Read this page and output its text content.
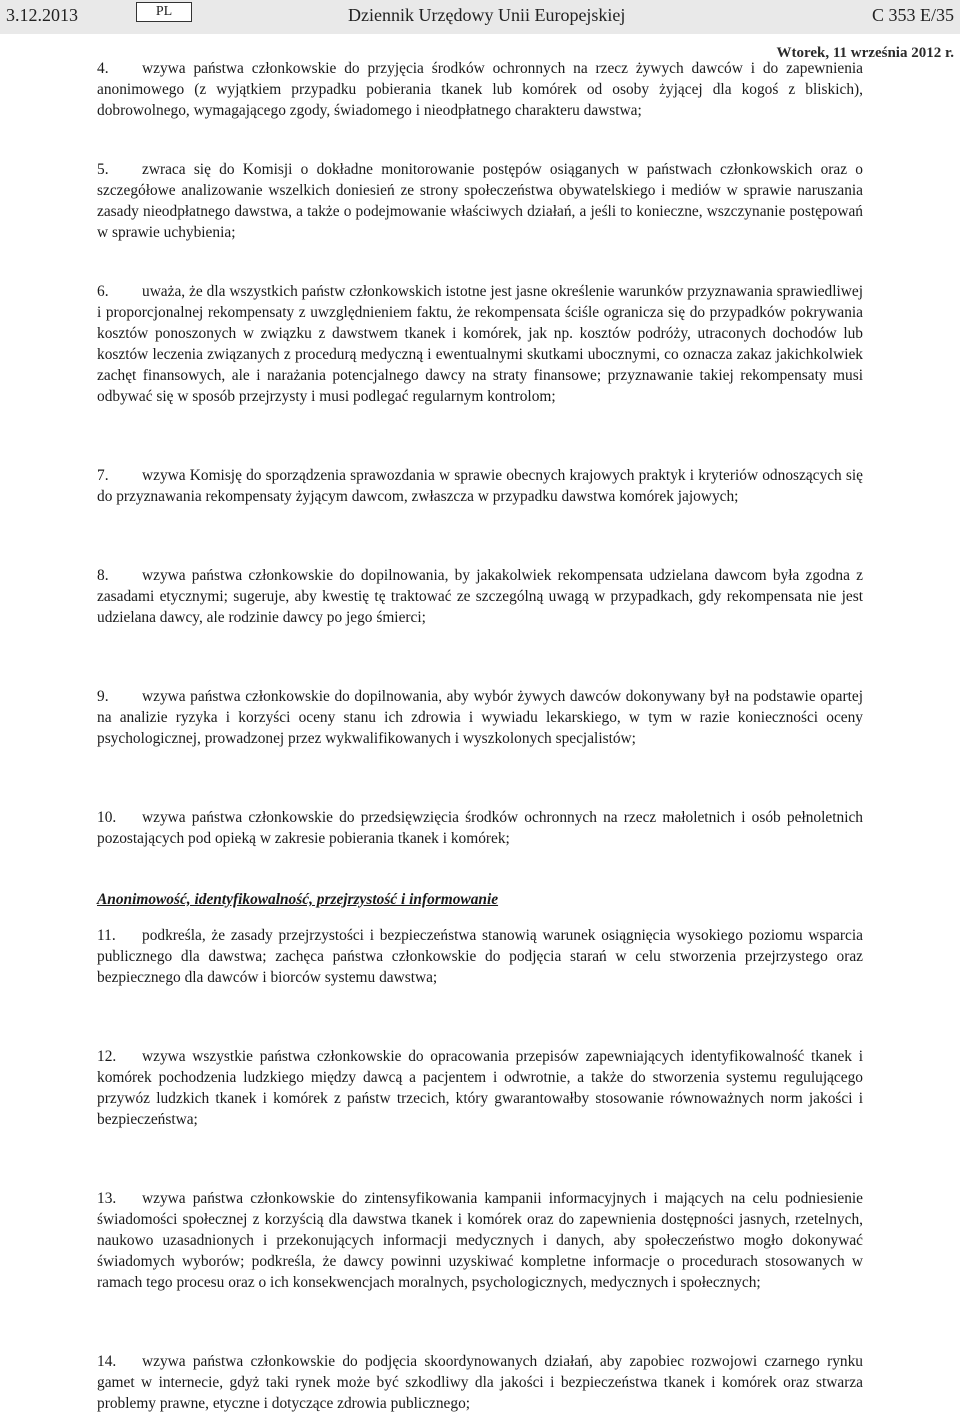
3.12.2013	PL	Dziennik Urzędowy Unii Europejskiej	C 353 E/35
Wtorek, 11 września 2012 r.

4. wzywa państwa członkowskie do przyjęcia środków ochronnych na rzecz żywych dawców i do zapewnienia anonimowego (z wyjątkiem przypadku pobierania tkanek lub komórek od osoby żyjącej dla kogoś z bliskich), dobrowolnego, wymagającego zgody, świadomego i nieodpłatnego charakteru dawstwa;

5. zwraca się do Komisji o dokładne monitorowanie postępów osiąganych w państwach członkowskich oraz o szczegółowe analizowanie wszelkich doniesień ze strony społeczeństwa obywatelskiego i mediów w sprawie naruszania zasady nieodpłatnego dawstwa, a także o podejmowanie właściwych działań, a jeśli to konieczne, wszczynanie postępowań w sprawie uchybienia;

6. uważa, że dla wszystkich państw członkowskich istotne jest jasne określenie warunków przyznawania sprawiedliwej i proporcjonalnej rekompensaty z uwzględnieniem faktu, że rekompensata ściśle ogranicza się do przypadków pokrywania kosztów ponoszonych w związku z dawstwem tkanek i komórek, jak np. kosztów podróży, utraconych dochodów lub kosztów leczenia związanych z procedurą medyczną i ewentualnymi skutkami ubocznymi, co oznacza zakaz jakichkolwiek zachęt finansowych, ale i narażania potencjalnego dawcy na straty finansowe; przyznawanie takiej rekompensaty musi odbywać się w sposób przejrzysty i musi podlegać regularnym kontrolom;

7. wzywa Komisję do sporządzenia sprawozdania w sprawie obecnych krajowych praktyk i kryteriów odnoszących się do przyznawania rekompensaty żyjącym dawcom, zwłaszcza w przypadku dawstwa komórek jajowych;

8. wzywa państwa członkowskie do dopilnowania, by jakakolwiek rekompensata udzielana dawcom była zgodna z zasadami etycznymi; sugeruje, aby kwestię tę traktować ze szczególną uwagą w przypadkach, gdy rekompensata nie jest udzielana dawcy, ale rodzinie dawcy po jego śmierci;

9. wzywa państwa członkowskie do dopilnowania, aby wybór żywych dawców dokonywany był na podstawie opartej na analizie ryzyka i korzyści oceny stanu ich zdrowia i wywiadu lekarskiego, w tym w razie konieczności oceny psychologicznej, prowadzonej przez wykwalifikowanych i wyszkolonych specjalistów;

10. wzywa państwa członkowskie do przedsięwzięcia środków ochronnych na rzecz małoletnich i osób pełnoletnich pozostających pod opieką w zakresie pobierania tkanek i komórek;

Anonimowość, identyfikowalność, przejrzystość i informowanie

11. podkreśla, że zasady przejrzystości i bezpieczeństwa stanowią warunek osiągnięcia wysokiego poziomu wsparcia publicznego dla dawstwa; zachęca państwa członkowskie do podjęcia starań w celu stworzenia przejrzystego oraz bezpiecznego dla dawców i biorców systemu dawstwa;

12. wzywa wszystkie państwa członkowskie do opracowania przepisów zapewniających identyfikowalność tkanek i komórek pochodzenia ludzkiego między dawcą a pacjentem i odwrotnie, a także do stworzenia systemu regulującego przywóz ludzkich tkanek i komórek z państw trzecich, który gwarantowałby stosowanie równoważnych norm jakości i bezpieczeństwa;

13. wzywa państwa członkowskie do zintensyfikowania kampanii informacyjnych i mających na celu podniesienie świadomości społecznej z korzyścią dla dawstwa tkanek i komórek oraz do zapewnienia dostępności jasnych, rzetelnych, naukowo uzasadnionych i przekonujących informacji medycznych i danych, aby społeczeństwo mogło dokonywać świadomych wyborów; podkreśla, że dawcy powinni uzyskiwać kompletne informacje o procedurach stosowanych w ramach tego procesu oraz o ich konsekwencjach moralnych, psychologicznych, medycznych i społecznych;

14. wzywa państwa członkowskie do podjęcia skoordynowanych działań, aby zapobiec rozwojowi czarnego rynku gamet w internecie, gdyż taki rynek może być szkodliwy dla jakości i bezpieczeństwa tkanek i komórek oraz stwarza problemy prawne, etyczne i dotyczące zdrowia publicznego;
